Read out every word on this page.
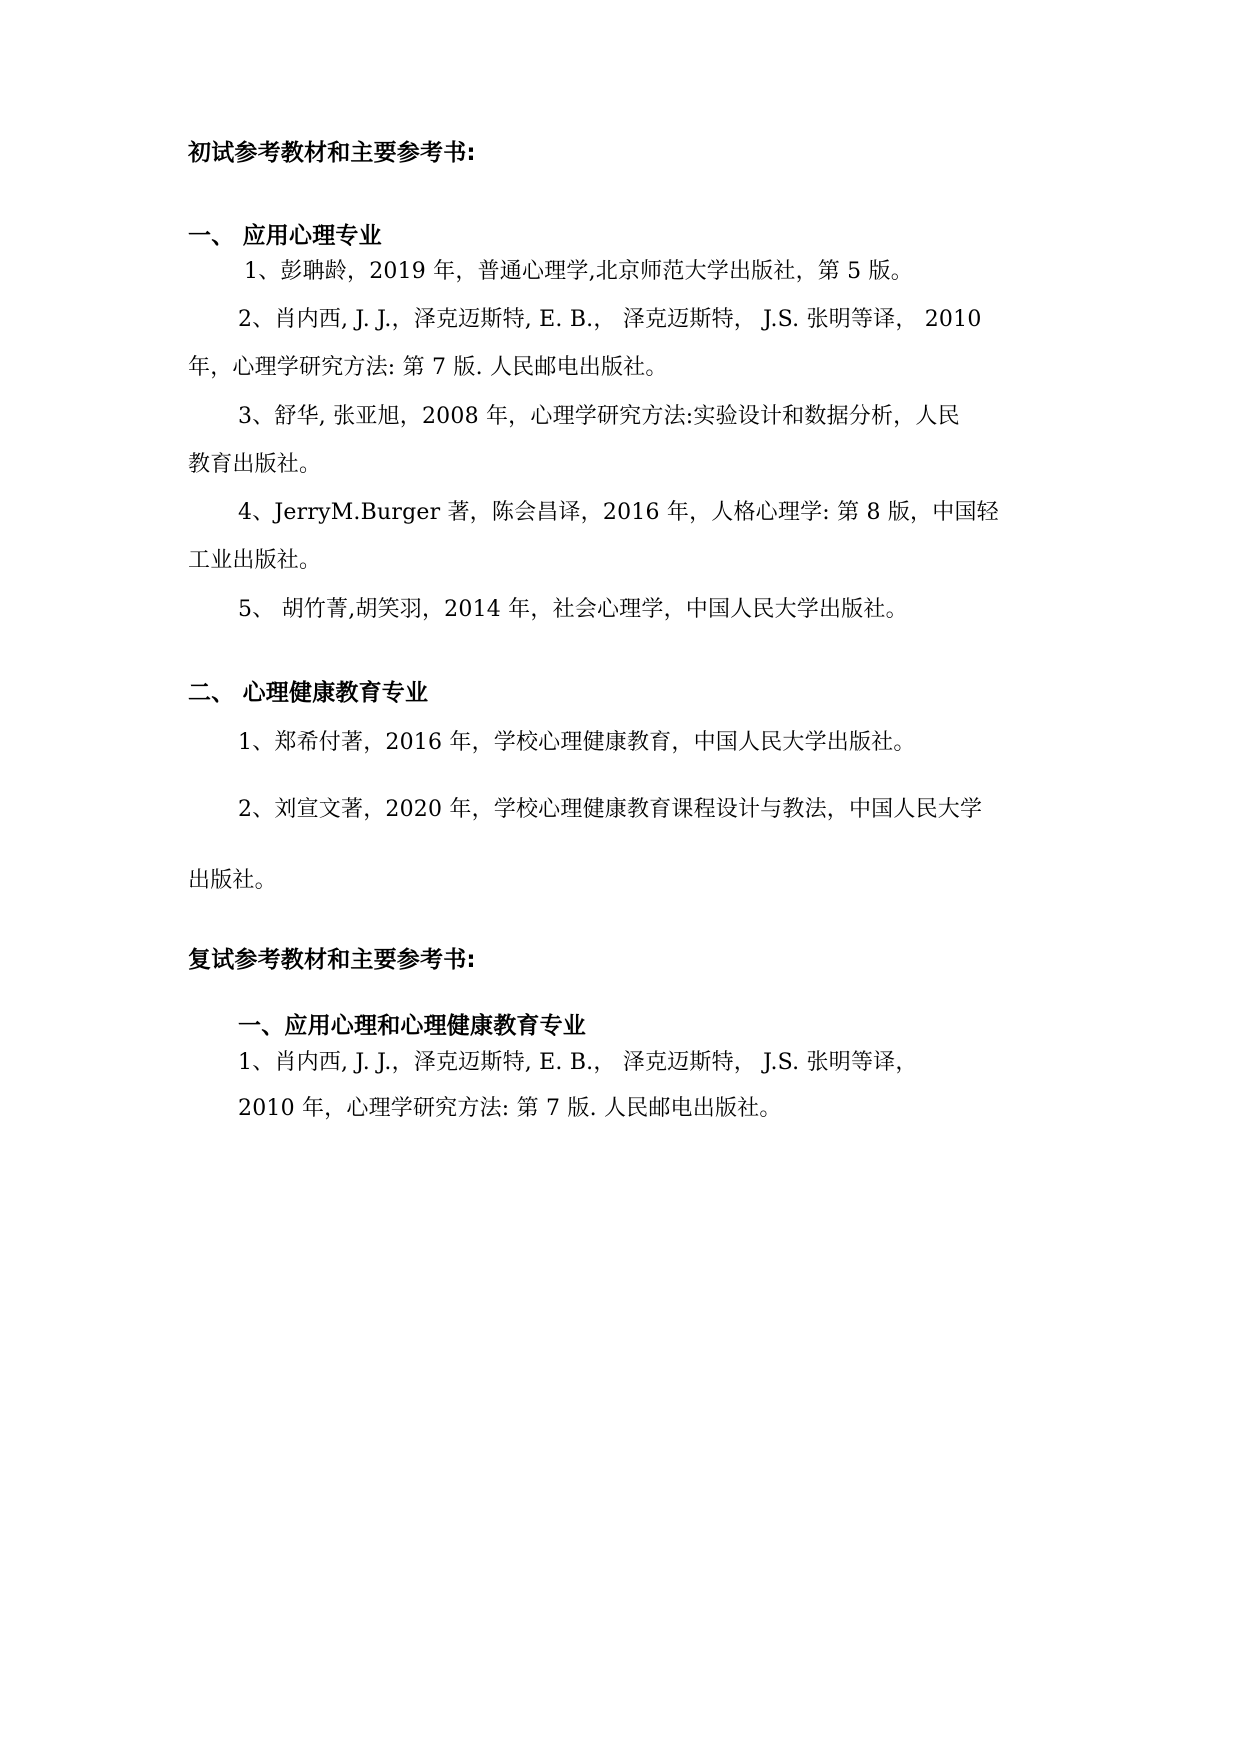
初试参考教材和主要参考书:
一、 应用心理专业
1、彭聃龄，2019 年，普通心理学,北京师范大学出版社，第 5 版。
2、肖内西, J. J.，泽克迈斯特, E. B.， 泽克迈斯特， J.S. 张明等译， 2010
年，心理学研究方法: 第 7 版. 人民邮电出版社。
3、舒华, 张亚旭，2008 年，心理学研究方法:实验设计和数据分析，人民
教育出版社。
4、JerryM.Burger 著，陈会昌译，2016 年，人格心理学: 第 8 版，中国轻
工业出版社。
5、 胡竹菁,胡笑羽，2014 年，社会心理学，中国人民大学出版社。
二、 心理健康教育专业
1、郑希付著，2016 年，学校心理健康教育，中国人民大学出版社。
2、刘宣文著，2020 年，学校心理健康教育课程设计与教法，中国人民大学
出版社。
复试参考教材和主要参考书:
一、应用心理和心理健康教育专业
1、肖内西, J. J.，泽克迈斯特, E. B.， 泽克迈斯特， J.S. 张明等译，
2010 年，心理学研究方法: 第 7 版. 人民邮电出版社。
